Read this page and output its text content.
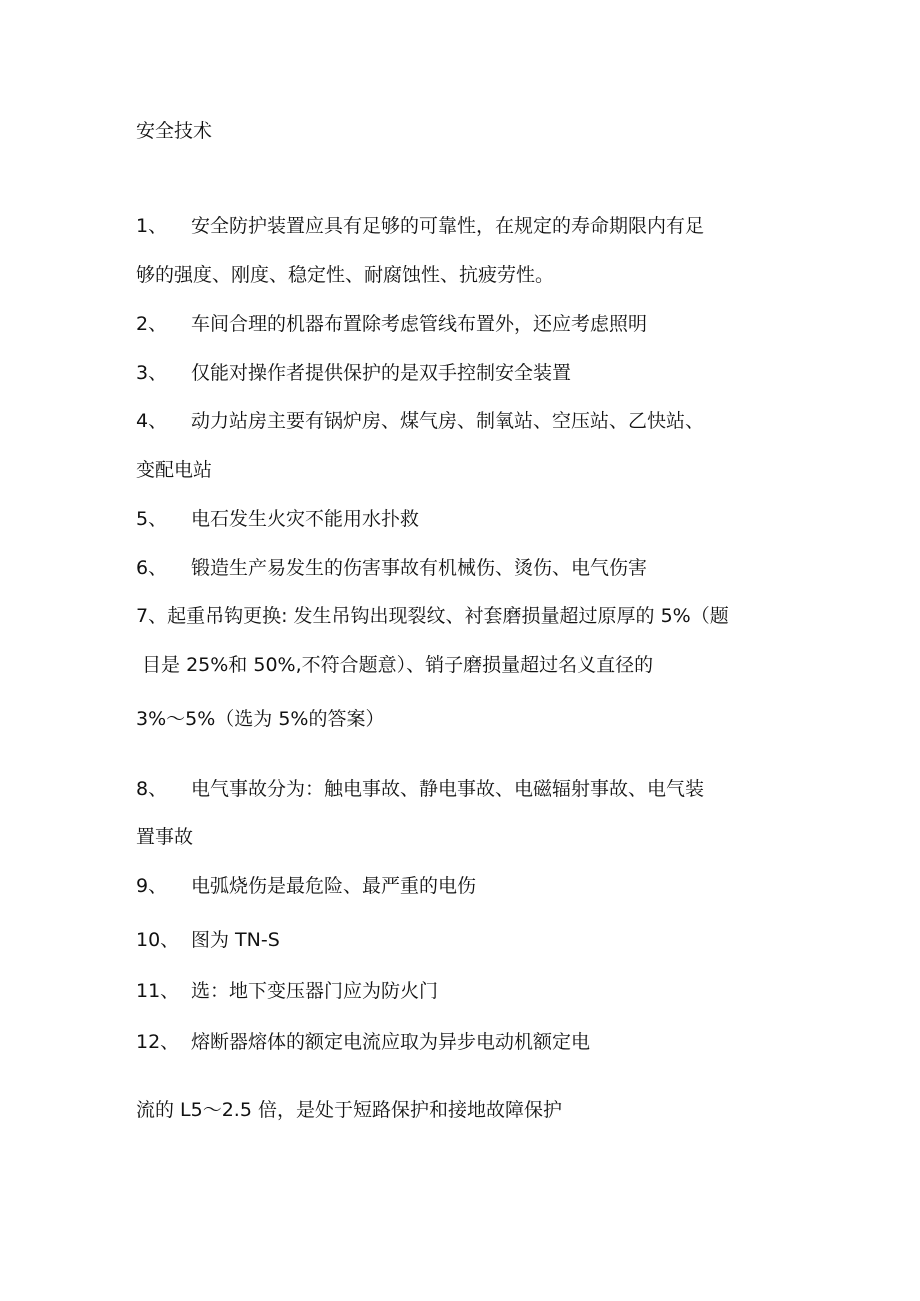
安全技术
1、 安全防护装置应具有足够的可靠性，在规定的寿命期限内有足
够的强度、刚度、稳定性、耐腐蚀性、抗疲劳性。
2、 车间合理的机器布置除考虑管线布置外，还应考虑照明
3、 仅能对操作者提供保护的是双手控制安全装置
4、 动力站房主要有锅炉房、煤气房、制氧站、空压站、乙快站、
变配电站
5、 电石发生火灾不能用水扑救
6、 锻造生产易发生的伤害事故有机械伤、烫伤、电气伤害
7、起重吊钩更换: 发生吊钩出现裂纹、衬套磨损量超过原厚的 5%（题
目是 25%和 50%,不符合题意）、销子磨损量超过名义直径的
3%～5%（选为 5%的答案）
8、 电气事故分为：触电事故、静电事故、电磁辐射事故、电气装
置事故
9、 电弧烧伤是最危险、最严重的电伤
10、 图为 TN-S
11、 选：地下变压器门应为防火门
12、 熔断器熔体的额定电流应取为异步电动机额定电
流的 L5～2.5 倍，是处于短路保护和接地故障保护
